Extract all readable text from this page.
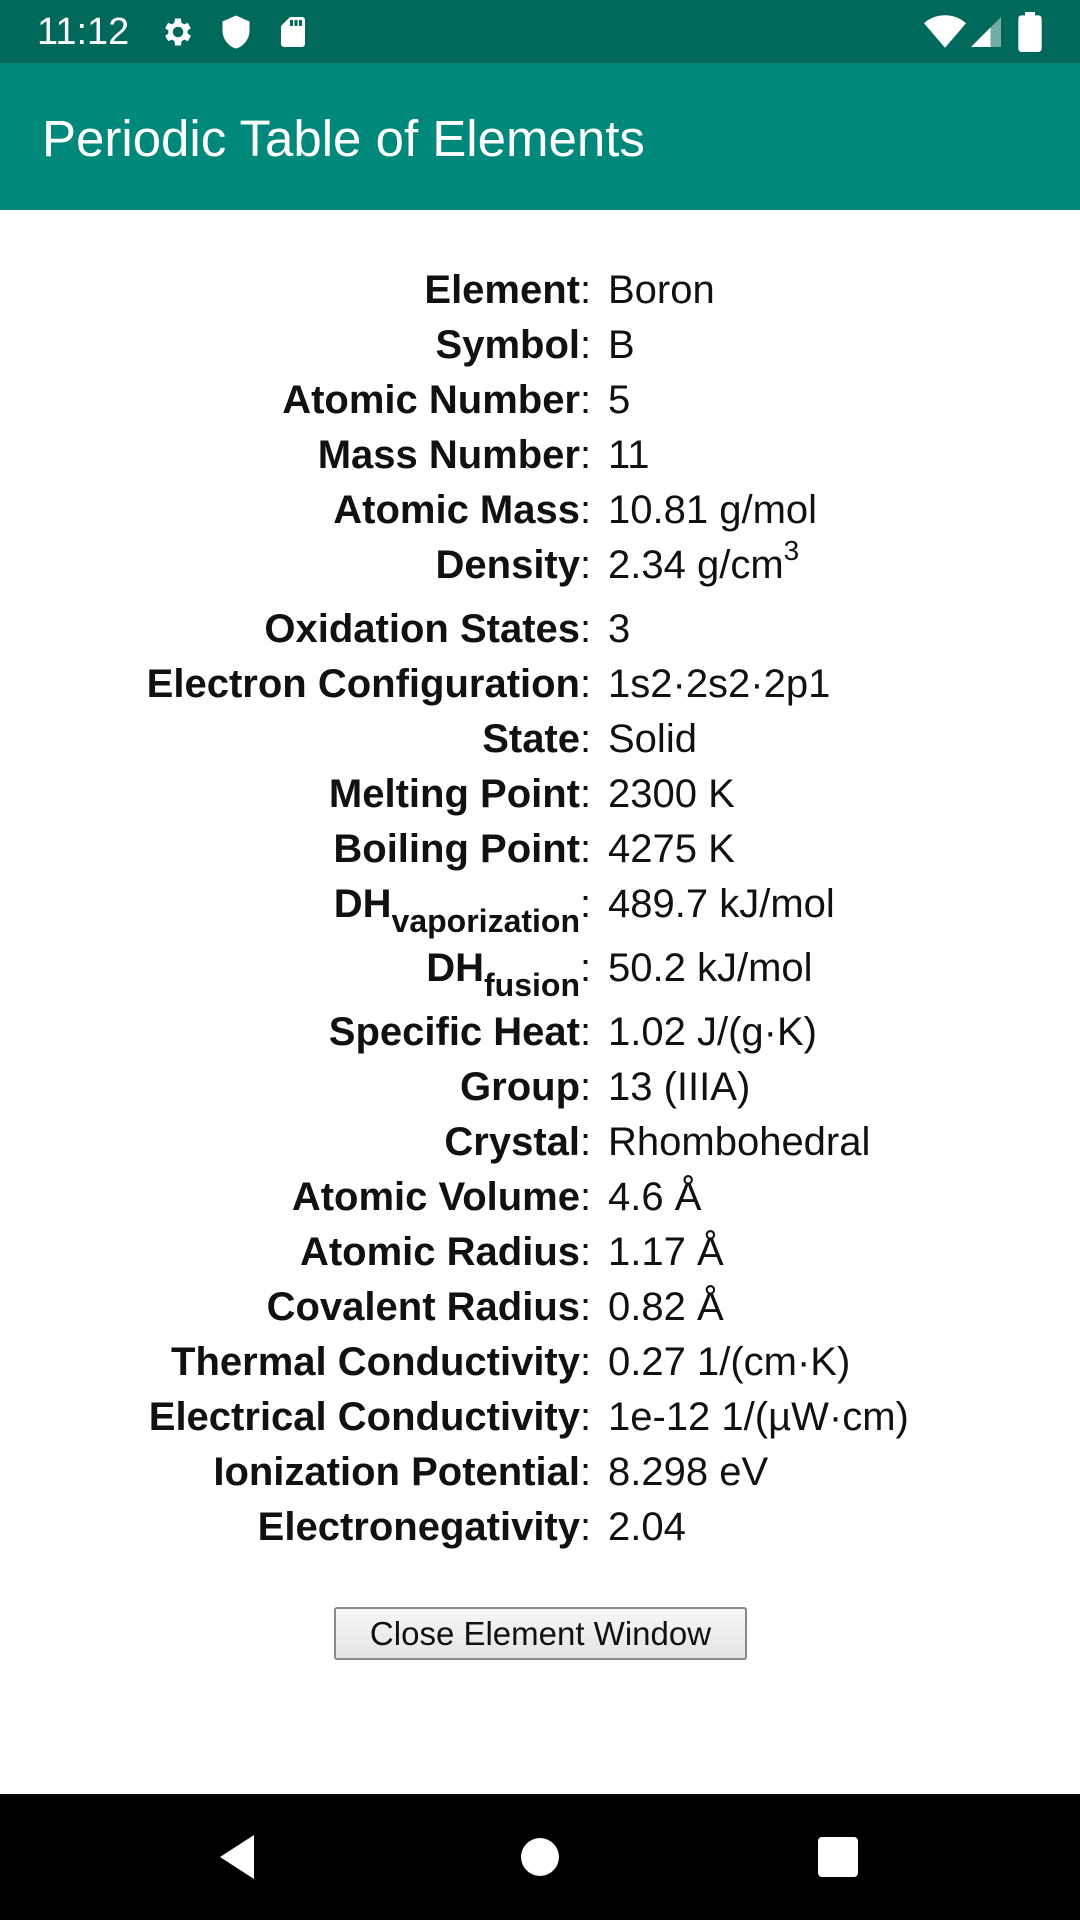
11:12
Periodic Table of Elements
Element : Boron
Symbol : B
Atomic Number : 5
Mass Number : 11
Atomic Mass : 10.81 g/mol
Density : 2.34 $g/cm^3$
Oxidation States : 3
Electron Configuration : 1s2·2s2·2p1
State : Solid
Melting Point : 2300 K
Boiling Point : 4275 K
$DH_{vaporization}$ : 489.7 kJ/mol
$DH_{fusion}$ : 50.2 kJ/mol
Specific Heat : 1.02 J/(g·K)
Group : 13 (IIIA)
Crystal : Rhombohedral
Atomic Volume : 4.6 Å
Atomic Radius : 1.17 Å
Covalent Radius : 0.82 Å
Thermal Conductivity : 0.27 1/(cm·K)
Electrical Conductivity : 1e-12 1/(µW·cm)
Ionization Potential : 8.298 eV
Electronegativity : 2.04
Close Element Window
